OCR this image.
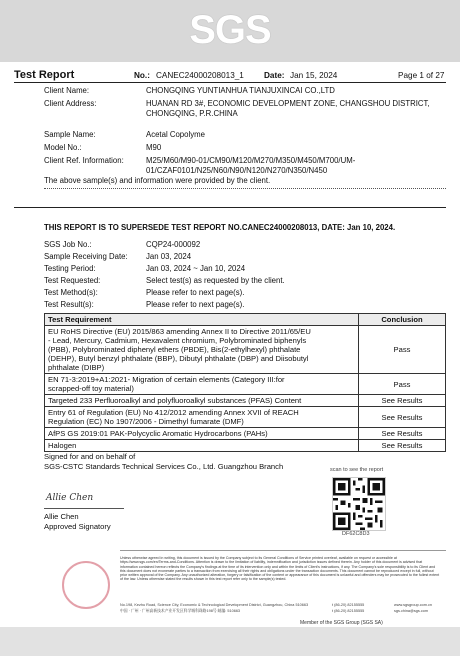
SGS
Test Report	No.: CANEC24000208013_1 Date: Jan 15, 2024	Page 1 of 27
Client Name:	CHONGQING YUNTIANHUA TIANJUXINCAI CO.,LTD
Client Address:	HUANAN RD 3#, ECONOMIC DEVELOPMENT ZONE, CHANGSHOU DISTRICT, CHONGQING, P.R.CHINA
Sample Name:	Acetal Copolyme
Model No.:	M90
Client Ref. Information:	M25/M60/M90-01/CM90/M120/M270/M350/M450/M700/UM-
01/CZAF0101/N25/N60/N90/N120/N270/N350/N450
The above sample(s) and information were provided by the client.
THIS REPORT IS TO SUPERSEDE TEST REPORT NO.CANEC24000208013, DATE: Jan 10, 2024.
SGS Job No.:	CQP24-000092
Sample Receiving Date: Jan 03, 2024
Testing Period:	Jan 03, 2024 ~ Jan 10, 2024
Test Requested:	Select test(s) as requested by the client.
Test Method(s):	Please refer to next page(s).
Test Result(s):	Please refer to next page(s).
Test Requirement	Conclusion

EU RoHS Directive (EU) 2015/863 amending Annex II to Directive 2011/65/EU
- Lead, Mercury, Cadmium, Hexavalent chromium, Polybrominated biphenyls
(PBB), Polybrominated diphenyl ethers (PBDE), Bis(2-ethylhexyl) phthalate
(DEHP), Butyl benzyl phthalate (BBP), Dibutyl phthalate (DBP) and Diisobutyl
phthalate (DIBP)	Pass

EN 71-3:2019+A1:2021- Migration of certain elements (Category III:for
scrapped-off toy material)	Pass
Targeted 233 Perfluoroalkyl and polyfluoroalkyl substances (PFAS) Content	See Results

Entry 61 of Regulation (EU) No 412/2012 amending Annex XVII of REACH
Regulation (EC) No 1907/2006 - Dimethyl fumarate (DMF)	See Results
AfPS GS 2019:01 PAK-Polycyclic Aromatic Hydrocarbons (PAHs)	See Results
Halogen	See Results
Signed for and on behalf of
SGS-CSTC Standards Technical Services Co., Ltd. Guangzhou Branch
Allie Chen
Allie Chen
Approved Signatory
scan to see the report
DF62C8D3
Unless otherwise agreed in writing, this document is issued by the Company subject to its General Conditions of Service printed overleaf, available on request or accessible at https://www.sgs.com/en/Terms-and-Conditions. Attention is drawn to the limitation of liability, indemnification and jurisdiction issues defined therein. Any holder of this document is advised that information contained hereon reflects the Company's findings at the time of its intervention only and within the limits of Client's instructions, if any. The Company's sole responsibility is to its Client and this document does not exonerate parties to a transaction from exercising all their rights and obligations under the transaction documents. This document cannot be reproduced except in full, without prior written approval of the Company. Any unauthorized alteration, forgery or falsification of the content or appearance of this document is unlawful and offenders may be prosecuted to the fullest extent of the law. Unless otherwise stated the results shown in this test report refer only to the sample(s) tested.
No.198, Kezhu Road, Science City, Economic & Technological Development District, Guangzhou, China 510663
中国 · 广州 · 广州高新技术产业开发区科学城科珠路198号 邮编: 510663
t (86-20) 82155555
t (86-20) 82155555
www.sgsgroup.com.cn
sgs.china@sgs.com
Member of the SGS Group (SGS SA)
